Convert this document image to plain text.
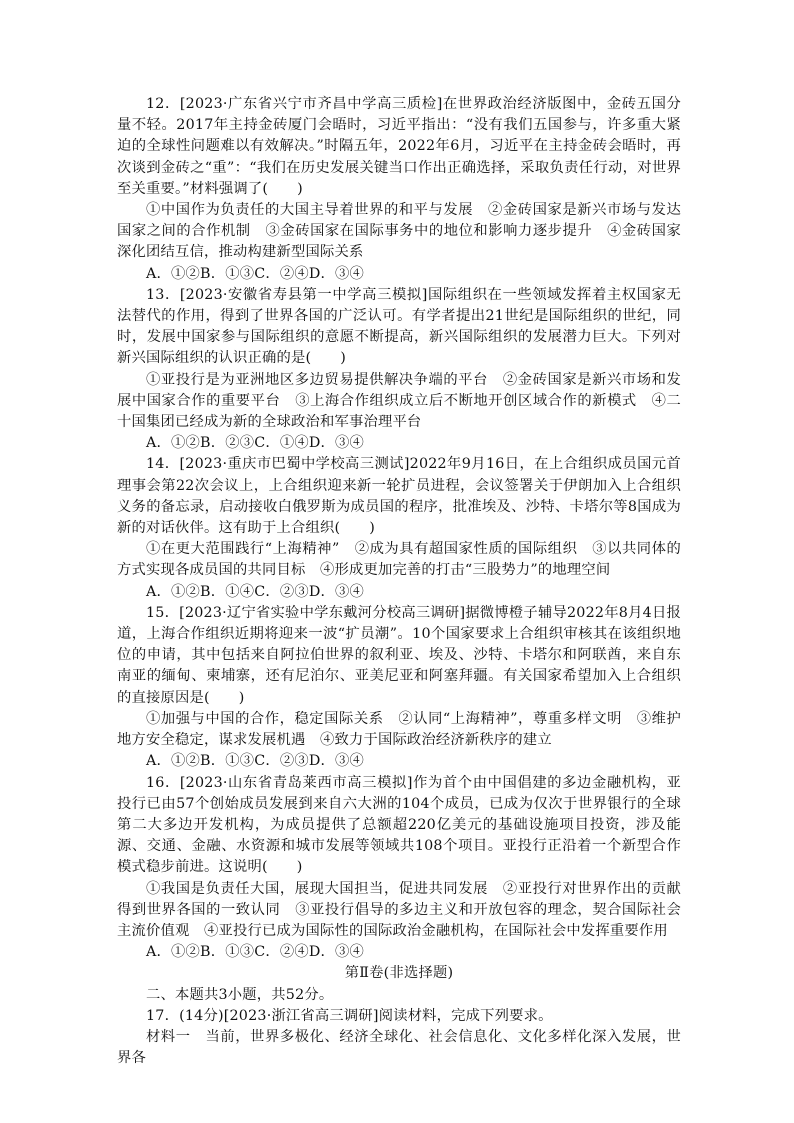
12．[2023·广东省兴宁市齐昌中学高三质检]在世界政治经济版图中，金砖五国分量不轻。2017年主持金砖厦门会晤时，习近平指出：“没有我们五国参与，许多重大紧迫的全球性问题难以有效解决。”时隔五年，2022年6月，习近平在主持金砖会晤时，再次谈到金砖之“重”：“我们在历史发展关键当口作出正确选择，采取负责任行动，对世界至关重要。”材料强调了(　　)

①中国作为负责任的大国主导着世界的和平与发展　②金砖国家是新兴市场与发达国家之间的合作机制　③金砖国家在国际事务中的地位和影响力逐步提升　④金砖国家深化团结互信，推动构建新型国际关系

A．①②B．①③C．②④D．③④

13．[2023·安徽省寿县第一中学高三模拟]国际组织在一些领域发挥着主权国家无法替代的作用，得到了世界各国的广泛认可。有学者提出21世纪是国际组织的世纪，同时，发展中国家参与国际组织的意愿不断提高，新兴国际组织的发展潜力巨大。下列对新兴国际组织的认识正确的是(　　)

①亚投行是为亚洲地区多边贸易提供解决争端的平台　②金砖国家是新兴市场和发展中国家合作的重要平台　③上海合作组织成立后不断地开创区域合作的新模式　④二十国集团已经成为新的全球政治和军事治理平台

A．①②B．②③C．①④D．③④

14．[2023·重庆市巴蜀中学校高三测试]2022年9月16日，在上合组织成员国元首理事会第22次会议上，上合组织迎来新一轮扩员进程，会议签署关于伊朗加入上合组织义务的备忘录，启动接收白俄罗斯为成员国的程序，批准埃及、沙特、卡塔尔等8国成为新的对话伙伴。这有助于上合组织(　　)

①在更大范围践行“上海精神”　②成为具有超国家性质的国际组织　③以共同体的方式实现各成员国的共同目标　④形成更加完善的打击“三股势力”的地理空间

A．①②B．①④C．②③D．③④

15．[2023·辽宁省实验中学东戴河分校高三调研]据微博橙子辅导2022年8月4日报道，上海合作组织近期将迎来一波“扩员潮”。10个国家要求上合组织审核其在该组织地位的申请，其中包括来自阿拉伯世界的叙利亚、埃及、沙特、卡塔尔和阿联酋，来自东南亚的缅甸、柬埔寨，还有尼泊尔、亚美尼亚和阿塞拜疆。有关国家希望加入上合组织的直接原因是(　　)

①加强与中国的合作，稳定国际关系　②认同“上海精神”，尊重多样文明　③维护地方安全稳定，谋求发展机遇　④致力于国际政治经济新秩序的建立

A．①②B．①③C．②③D．③④

16．[2023·山东省青岛莱西市高三模拟]作为首个由中国倡建的多边金融机构，亚投行已由57个创始成员发展到来自六大洲的104个成员，已成为仅次于世界银行的全球第二大多边开发机构，为成员提供了总额超220亿美元的基础设施项目投资，涉及能源、交通、金融、水资源和城市发展等领域共108个项目。亚投行正沿着一个新型合作模式稳步前进。这说明(　　)

①我国是负责任大国，展现大国担当，促进共同发展　②亚投行对世界作出的贡献得到世界各国的一致认同　③亚投行倡导的多边主义和开放包容的理念，契合国际社会主流价值观　④亚投行已成为国际性的国际政治金融机构，在国际社会中发挥重要作用

A．①②B．①③C．②④D．③④

第Ⅱ卷(非选择题)

二、本题共3小题，共52分。

17．(14分)[2023·浙江省高三调研]阅读材料，完成下列要求。

材料一　当前，世界多极化、经济全球化、社会信息化、文化多样化深入发展，世界各
